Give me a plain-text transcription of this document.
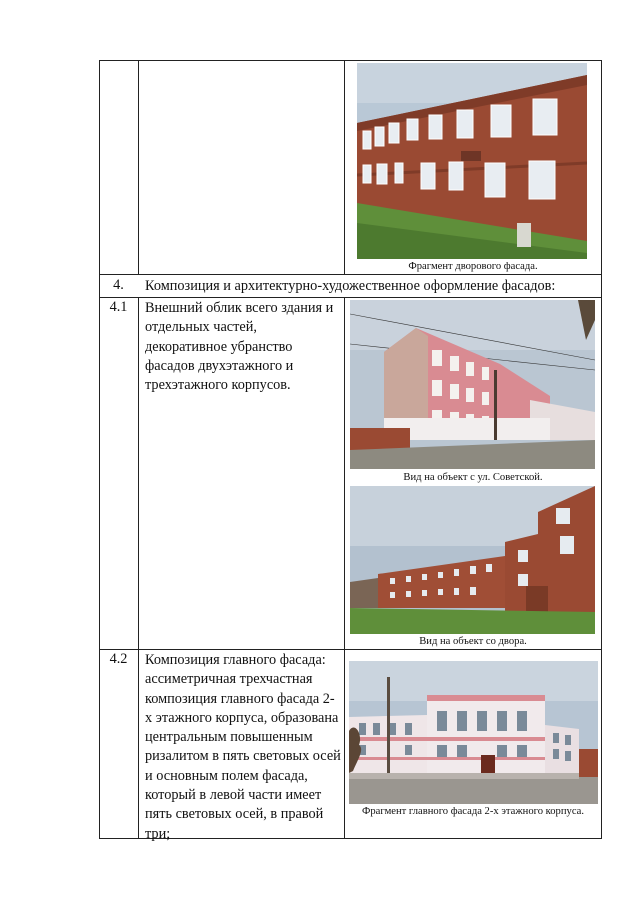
Фрагмент дворового фасада.
4.	Композиция и архитектурно-художественное оформление фасадов:
4.1	Внешний облик всего здания и отдельных частей, декоративное убранство фасадов двухэтажного и трехэтажного корпусов.
Вид на объект с ул. Советской.
Вид на объект со двора.
4.2	Композиция главного фасада: ассиметричная трехчастная композиция главного фасада 2-х этажного корпуса, образована центральным повышенным ризалитом в пять световых осей и основным полем фасада, который в левой части имеет пять световых осей, в правой три;
Фрагмент главного фасада 2-х этажного корпуса.
